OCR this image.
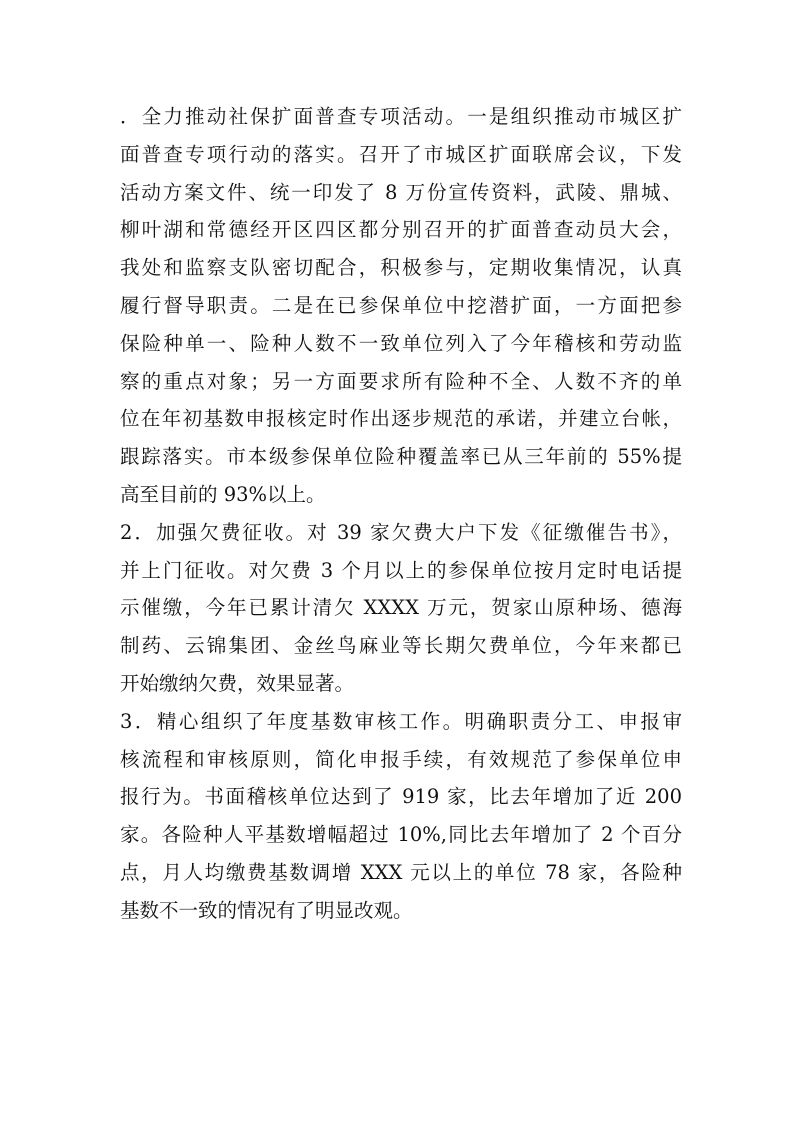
．全力推动社保扩面普查专项活动。一是组织推动市城区扩
面普查专项行动的落实。召开了市城区扩面联席会议，下发
活动方案文件、统一印发了 8 万份宣传资料，武陵、鼎城、
柳叶湖和常德经开区四区都分别召开的扩面普查动员大会，
我处和监察支队密切配合，积极参与，定期收集情况，认真
履行督导职责。二是在已参保单位中挖潜扩面，一方面把参
保险种单一、险种人数不一致单位列入了今年稽核和劳动监
察的重点对象；另一方面要求所有险种不全、人数不齐的单
位在年初基数申报核定时作出逐步规范的承诺，并建立台帐，
跟踪落实。市本级参保单位险种覆盖率已从三年前的 55%提
高至目前的 93%以上。
2．加强欠费征收。对 39 家欠费大户下发《征缴催告书》，
并上门征收。对欠费 3 个月以上的参保单位按月定时电话提
示催缴，今年已累计清欠 XXXX 万元，贺家山原种场、德海
制药、云锦集团、金丝鸟麻业等长期欠费单位，今年来都已
开始缴纳欠费，效果显著。
3．精心组织了年度基数审核工作。明确职责分工、申报审
核流程和审核原则，简化申报手续，有效规范了参保单位申
报行为。书面稽核单位达到了 919 家，比去年增加了近 200
家。各险种人平基数增幅超过 10%,同比去年增加了 2 个百分
点，月人均缴费基数调增 XXX 元以上的单位 78 家，各险种
基数不一致的情况有了明显改观。
